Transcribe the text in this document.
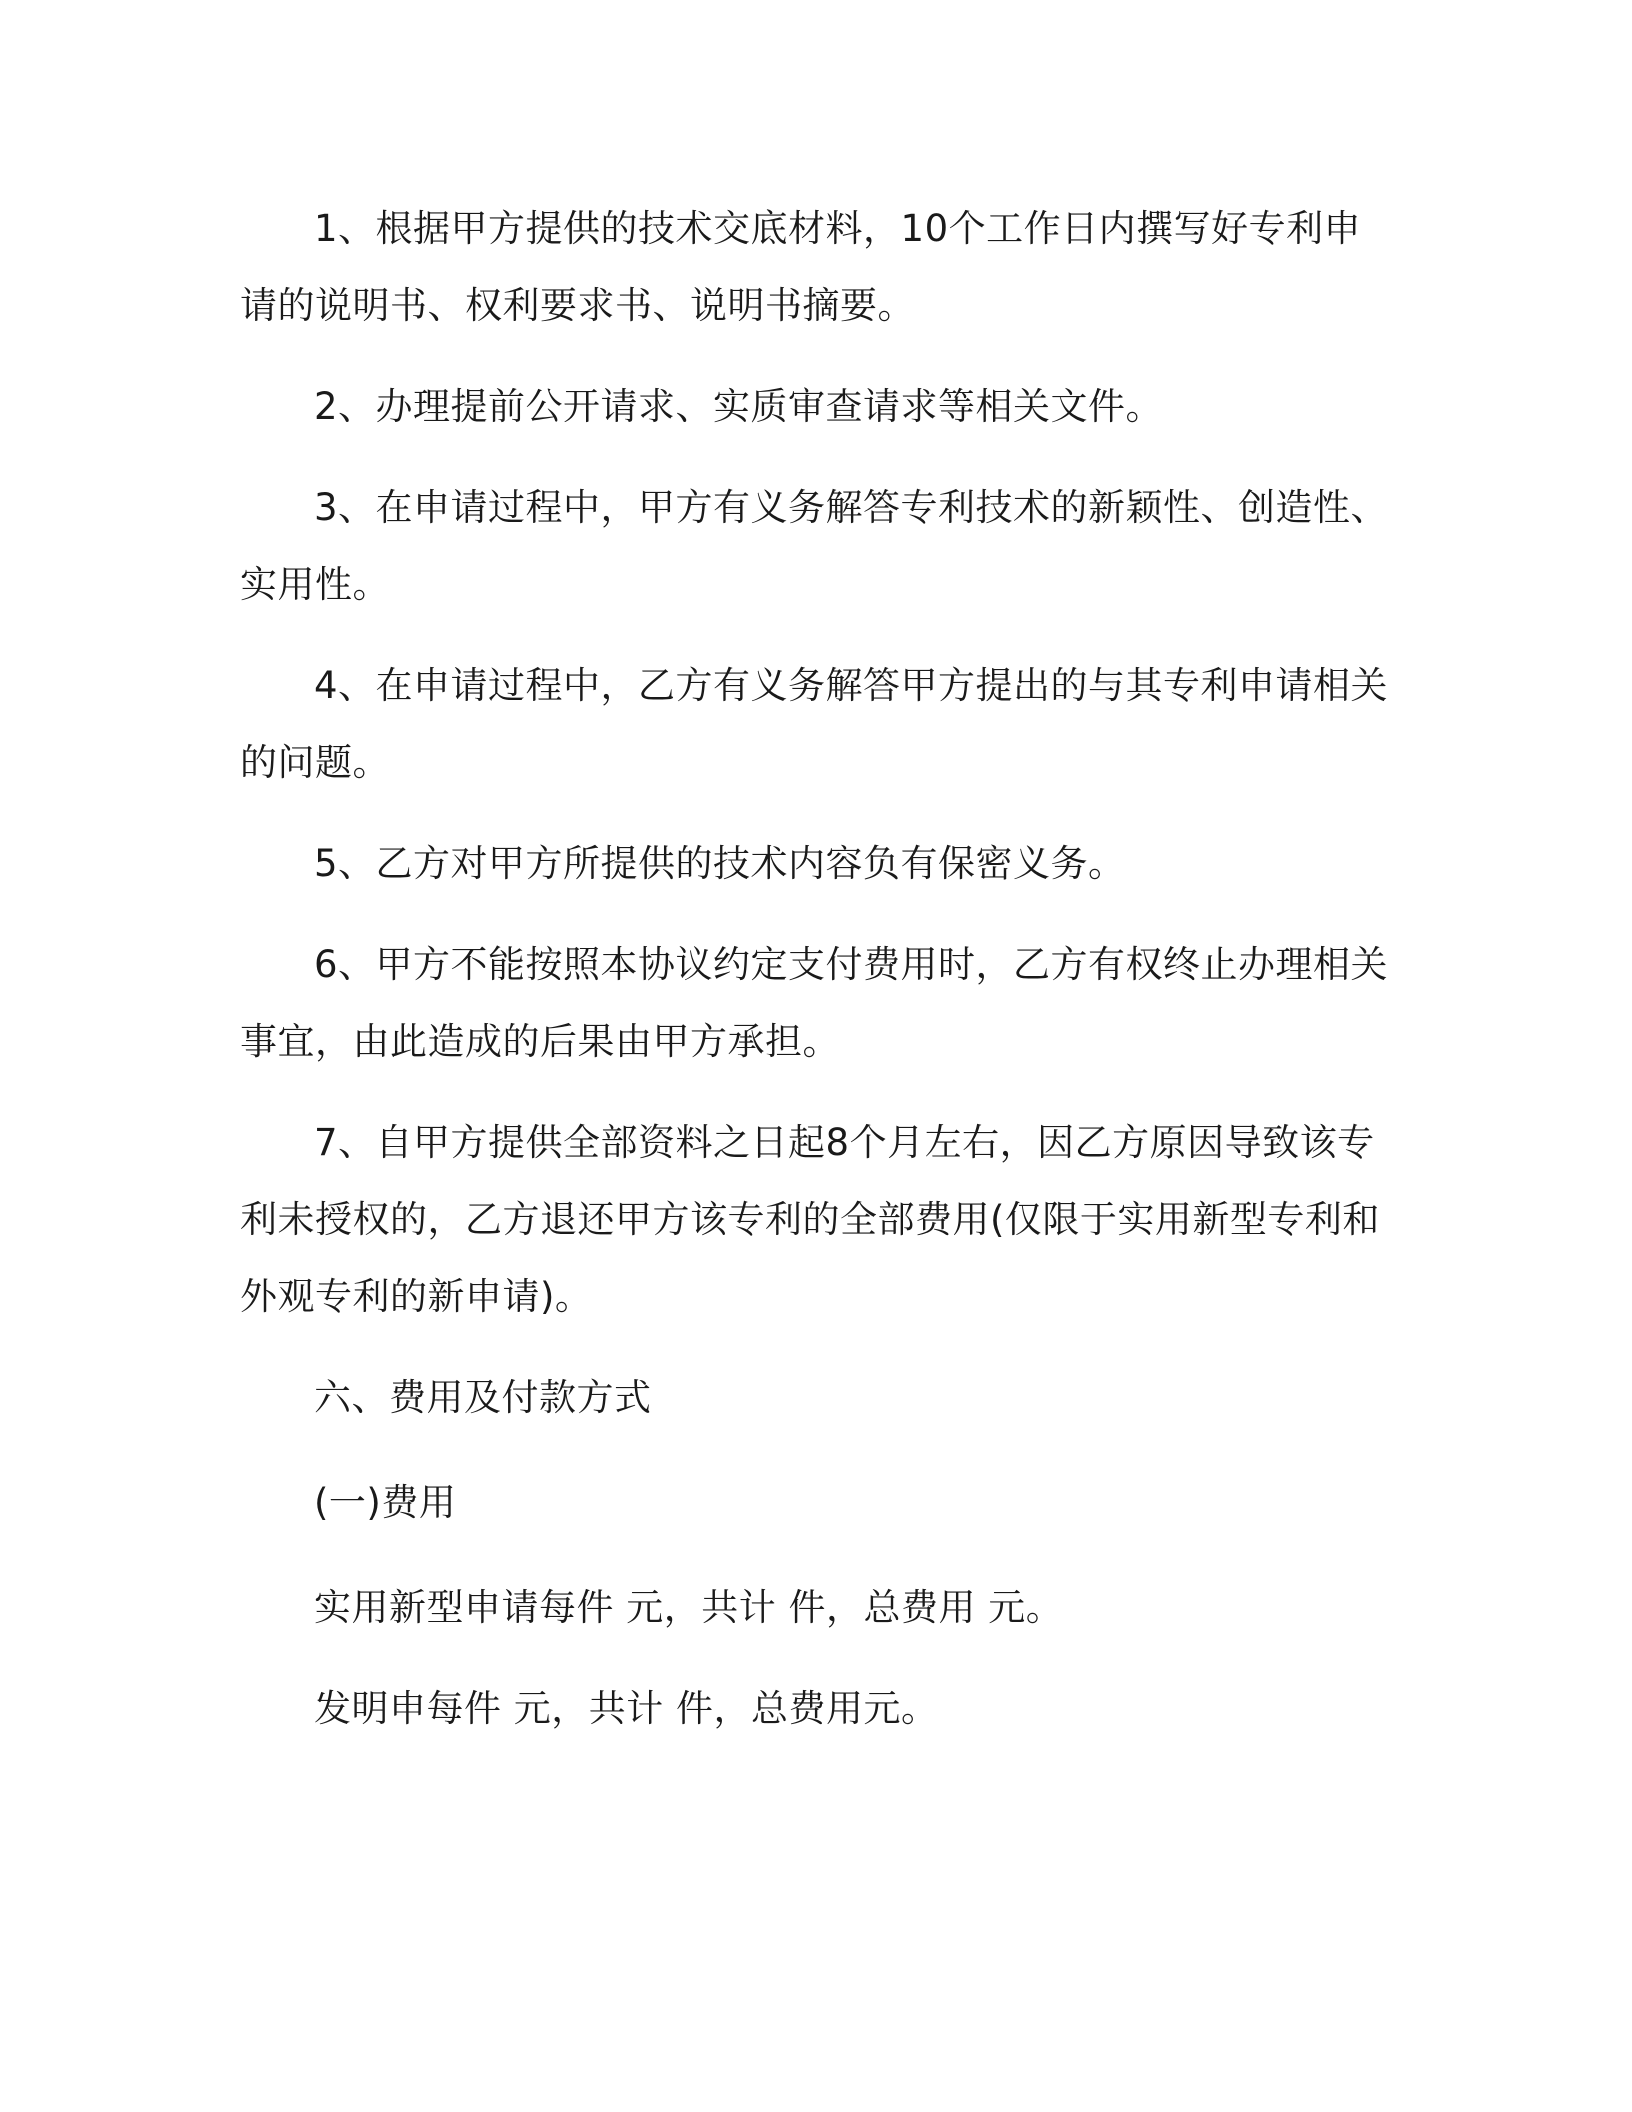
1、根据甲方提供的技术交底材料，10个工作日内撰写好专利申请的说明书、权利要求书、说明书摘要。

2、办理提前公开请求、实质审查请求等相关文件。

3、在申请过程中，甲方有义务解答专利技术的新颖性、创造性、实用性。

4、在申请过程中，乙方有义务解答甲方提出的与其专利申请相关的问题。

5、乙方对甲方所提供的技术内容负有保密义务。

6、甲方不能按照本协议约定支付费用时，乙方有权终止办理相关事宜，由此造成的后果由甲方承担。

7、自甲方提供全部资料之日起8个月左右，因乙方原因导致该专利未授权的，乙方退还甲方该专利的全部费用(仅限于实用新型专利和外观专利的新申请)。

六、费用及付款方式

(一)费用

实用新型申请每件 元，共计 件，总费用 元。

发明申每件 元，共计 件，总费用元。
